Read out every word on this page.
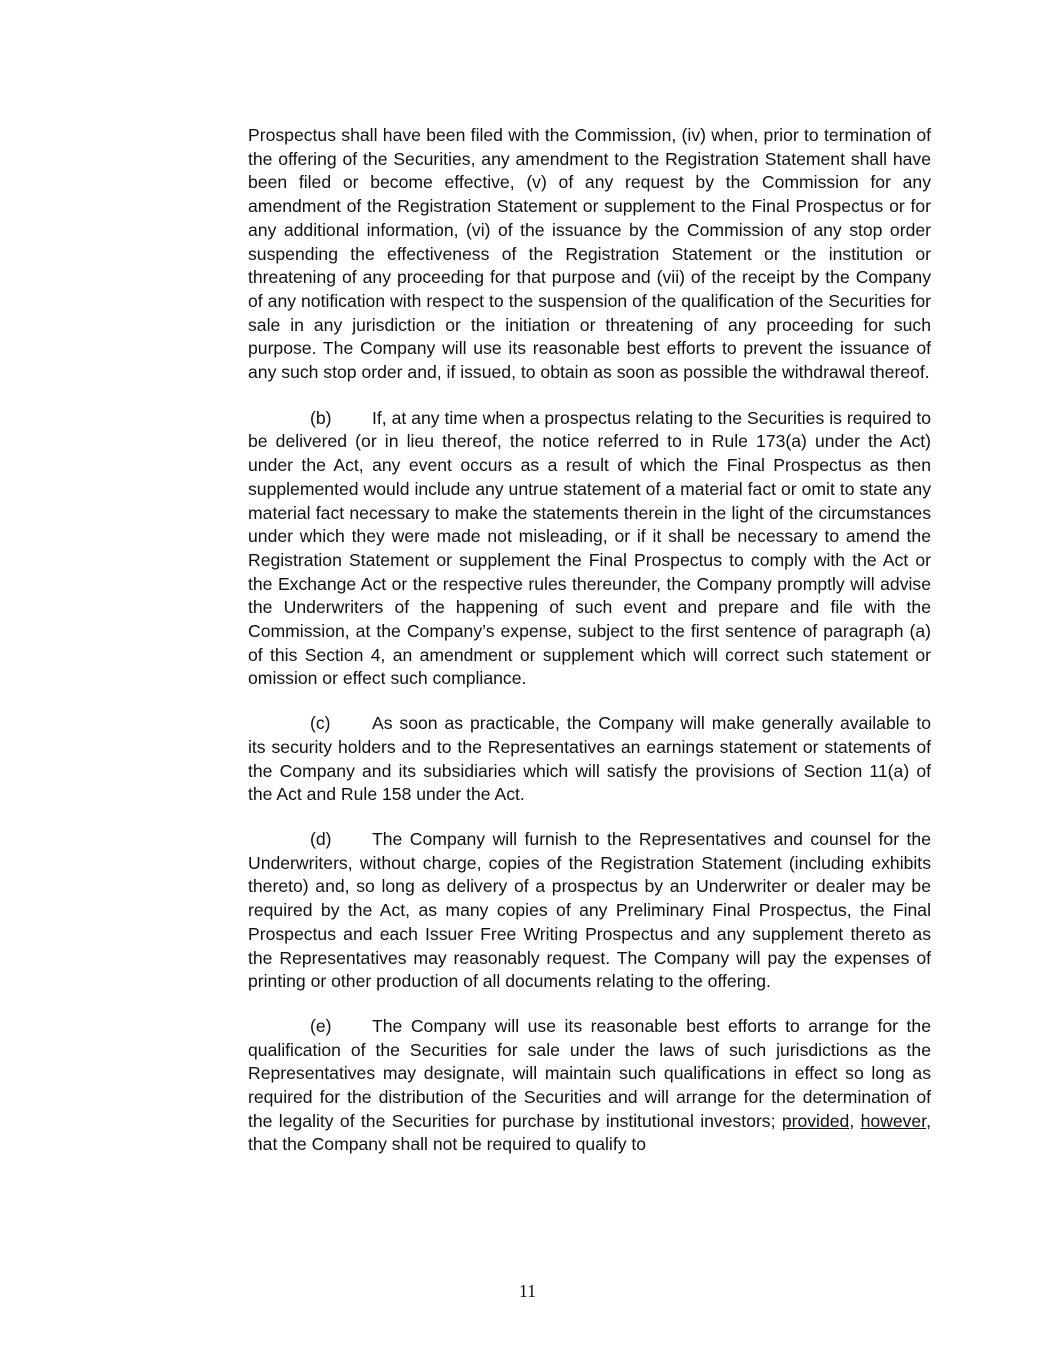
Prospectus shall have been filed with the Commission, (iv) when, prior to termination of the offering of the Securities, any amendment to the Registration Statement shall have been filed or become effective, (v) of any request by the Commission for any amendment of the Registration Statement or supplement to the Final Prospectus or for any additional information, (vi) of the issuance by the Commission of any stop order suspending the effectiveness of the Registration Statement or the institution or threatening of any proceeding for that purpose and (vii) of the receipt by the Company of any notification with respect to the suspension of the qualification of the Securities for sale in any jurisdiction or the initiation or threatening of any proceeding for such purpose. The Company will use its reasonable best efforts to prevent the issuance of any such stop order and, if issued, to obtain as soon as possible the withdrawal thereof.

(b) If, at any time when a prospectus relating to the Securities is required to be delivered (or in lieu thereof, the notice referred to in Rule 173(a) under the Act) under the Act, any event occurs as a result of which the Final Prospectus as then supplemented would include any untrue statement of a material fact or omit to state any material fact necessary to make the statements therein in the light of the circumstances under which they were made not misleading, or if it shall be necessary to amend the Registration Statement or supplement the Final Prospectus to comply with the Act or the Exchange Act or the respective rules thereunder, the Company promptly will advise the Underwriters of the happening of such event and prepare and file with the Commission, at the Company’s expense, subject to the first sentence of paragraph (a) of this Section 4, an amendment or supplement which will correct such statement or omission or effect such compliance.

(c) As soon as practicable, the Company will make generally available to its security holders and to the Representatives an earnings statement or statements of the Company and its subsidiaries which will satisfy the provisions of Section 11(a) of the Act and Rule 158 under the Act.

(d) The Company will furnish to the Representatives and counsel for the Underwriters, without charge, copies of the Registration Statement (including exhibits thereto) and, so long as delivery of a prospectus by an Underwriter or dealer may be required by the Act, as many copies of any Preliminary Final Prospectus, the Final Prospectus and each Issuer Free Writing Prospectus and any supplement thereto as the Representatives may reasonably request. The Company will pay the expenses of printing or other production of all documents relating to the offering.

(e) The Company will use its reasonable best efforts to arrange for the qualification of the Securities for sale under the laws of such jurisdictions as the Representatives may designate, will maintain such qualifications in effect so long as required for the distribution of the Securities and will arrange for the determination of the legality of the Securities for purchase by institutional investors; provided, however, that the Company shall not be required to qualify to

11
